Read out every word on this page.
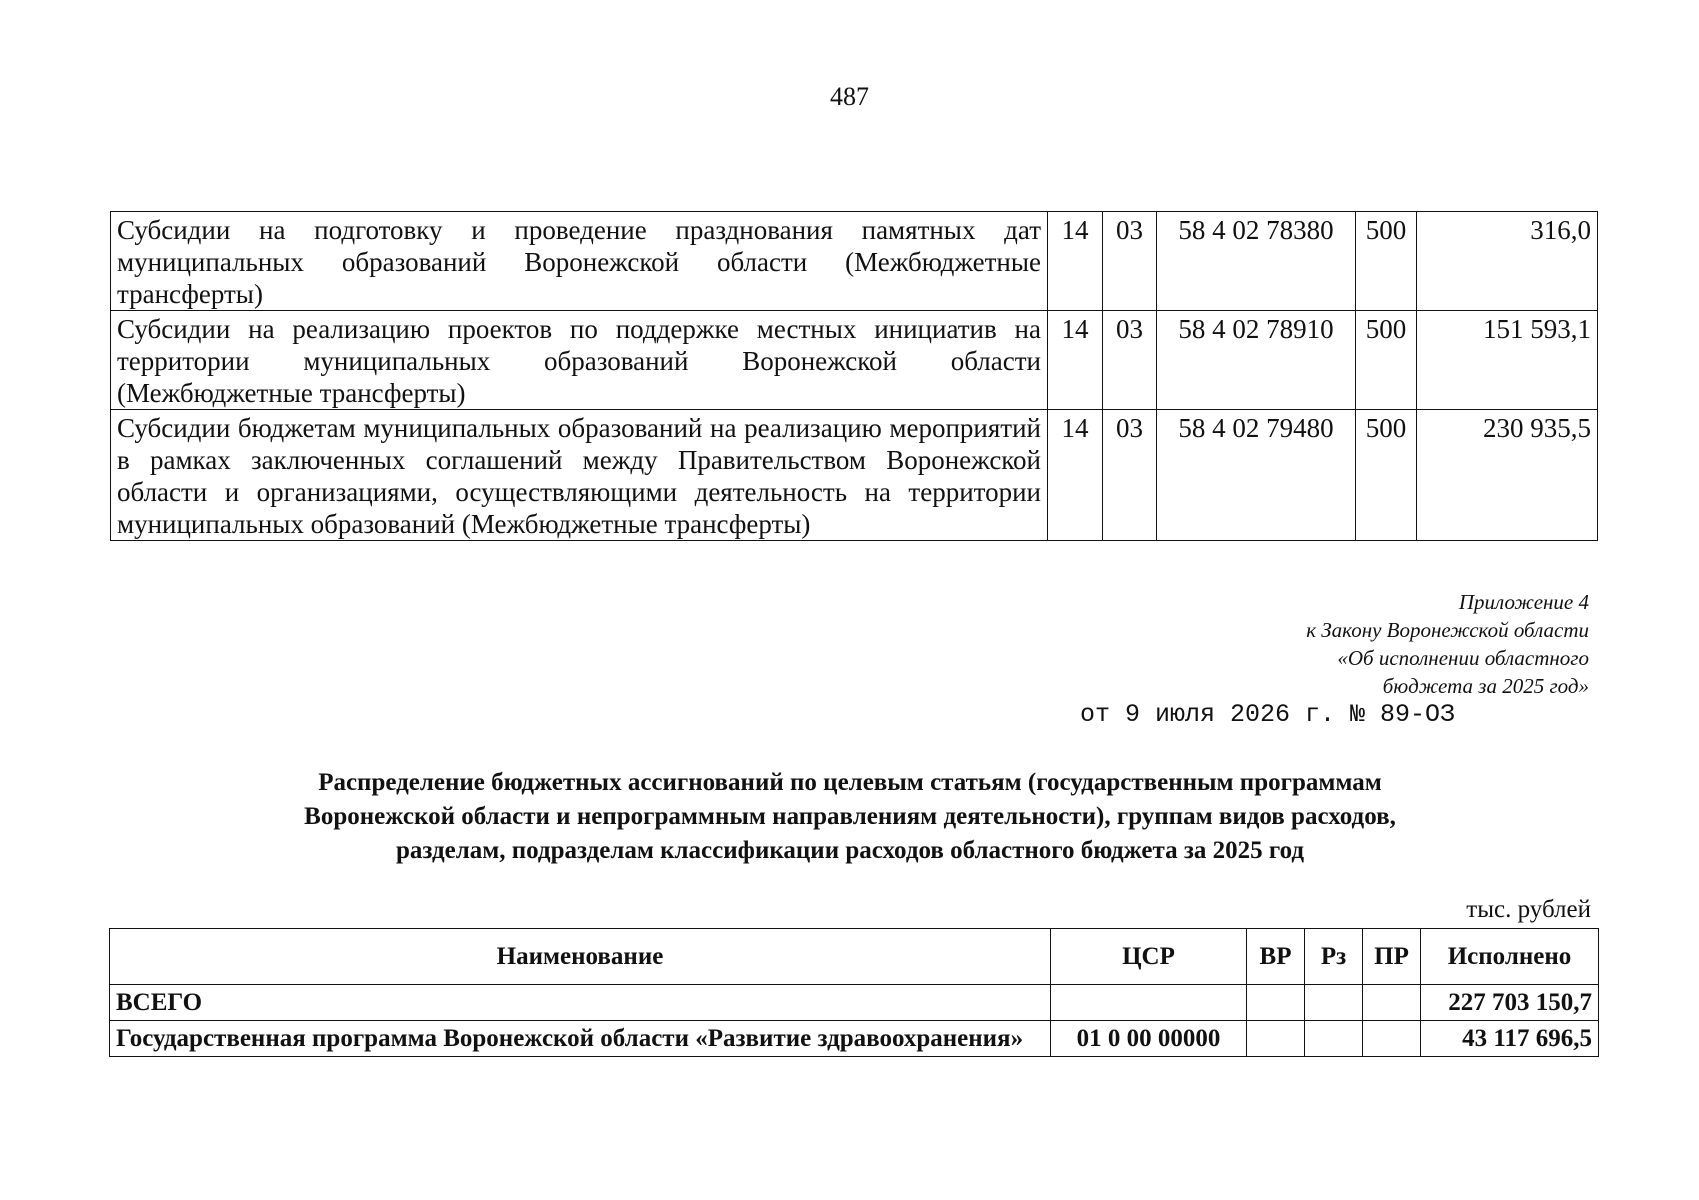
487
Субсидии на подготовку и проведение празднования памятных дат муниципальных образований Воронежской области (Межбюджетные трансферты)	14	03	58 4 02 78380	500	316,0
Субсидии на реализацию проектов по поддержке местных инициатив на территории муниципальных образований Воронежской области (Межбюджетные трансферты)	14	03	58 4 02 78910	500	151 593,1
Субсидии бюджетам муниципальных образований на реализацию мероприятий в рамках заключенных соглашений между Правительством Воронежской области и организациями, осуществляющими деятельность на территории муниципальных образований (Межбюджетные трансферты)	14	03	58 4 02 79480	500	230 935,5
Приложение 4
к Закону Воронежской области
«Об исполнении областного
бюджета за 2025 год»
от 9 июля 2026 г. № 89-ОЗ
Распределение бюджетных ассигнований по целевым статьям (государственным программам
Воронежской области и непрограммным направлениям деятельности), группам видов расходов,
разделам, подразделам классификации расходов областного бюджета за 2025 год
тыс. рублей
Наименование	ЦСР	ВР	Рз	ПР	Исполнено
ВСЕГО					227 703 150,7
Государственная программа Воронежской области «Развитие здравоохранения»	01 0 00 00000				43 117 696,5
